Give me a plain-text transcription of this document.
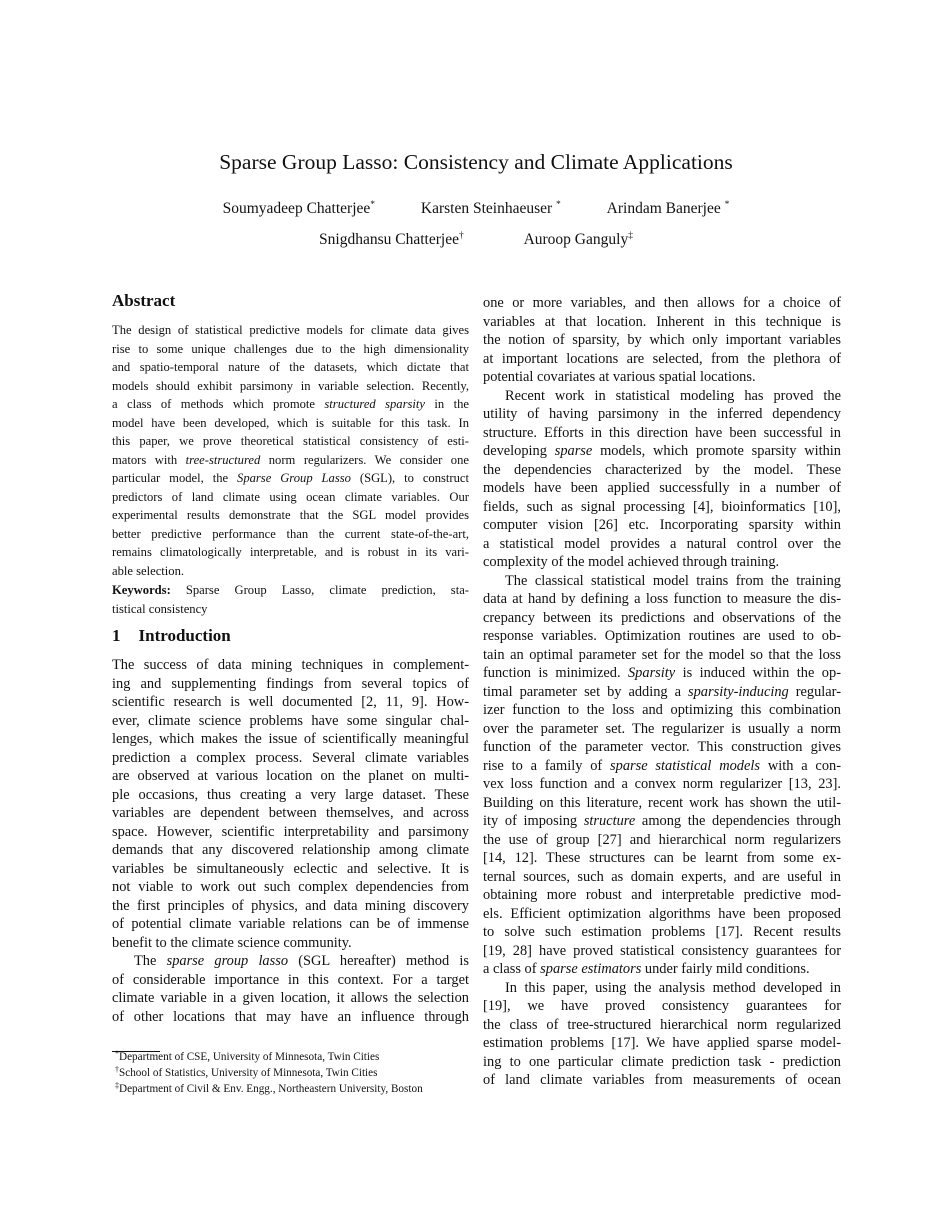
Sparse Group Lasso: Consistency and Climate Applications
Soumyadeep Chatterjee*	Karsten Steinhaeuser *	Arindam Banerjee *
Snigdhansu Chatterjee†	Auroop Ganguly‡
Abstract
The design of statistical predictive models for climate data gives
rise to some unique challenges due to the high dimensionality
and spatio-temporal nature of the datasets, which dictate that
models should exhibit parsimony in variable selection. Recently,
a class of methods which promote structured sparsity in the
model have been developed, which is suitable for this task. In
this paper, we prove theoretical statistical consistency of esti-
mators with tree-structured norm regularizers. We consider one
particular model, the Sparse Group Lasso (SGL), to construct
predictors of land climate using ocean climate variables. Our
experimental results demonstrate that the SGL model provides
better predictive performance than the current state-of-the-art,
remains climatologically interpretable, and is robust in its vari-
able selection.
Keywords: Sparse Group Lasso, climate prediction, sta-
tistical consistency
1 Introduction
The success of data mining techniques in complement-
ing and supplementing findings from several topics of
scientific research is well documented [2, 11, 9]. How-
ever, climate science problems have some singular chal-
lenges, which makes the issue of scientifically meaningful
prediction a complex process. Several climate variables
are observed at various location on the planet on multi-
ple occasions, thus creating a very large dataset. These
variables are dependent between themselves, and across
space. However, scientific interpretability and parsimony
demands that any discovered relationship among climate
variables be simultaneously eclectic and selective. It is
not viable to work out such complex dependencies from
the first principles of physics, and data mining discovery
of potential climate variable relations can be of immense
benefit to the climate science community.
The sparse group lasso (SGL hereafter) method is
of considerable importance in this context. For a target
climate variable in a given location, it allows the selection
of other locations that may have an influence through
one or more variables, and then allows for a choice of
variables at that location. Inherent in this technique is
the notion of sparsity, by which only important variables
at important locations are selected, from the plethora of
potential covariates at various spatial locations.
Recent work in statistical modeling has proved the
utility of having parsimony in the inferred dependency
structure. Efforts in this direction have been successful in
developing sparse models, which promote sparsity within
the dependencies characterized by the model. These
models have been applied successfully in a number of
fields, such as signal processing [4], bioinformatics [10],
computer vision [26] etc. Incorporating sparsity within
a statistical model provides a natural control over the
complexity of the model achieved through training.
The classical statistical model trains from the training
data at hand by defining a loss function to measure the dis-
crepancy between its predictions and observations of the
response variables. Optimization routines are used to ob-
tain an optimal parameter set for the model so that the loss
function is minimized. Sparsity is induced within the op-
timal parameter set by adding a sparsity-inducing regular-
izer function to the loss and optimizing this combination
over the parameter set. The regularizer is usually a norm
function of the parameter vector. This construction gives
rise to a family of sparse statistical models with a con-
vex loss function and a convex norm regularizer [13, 23].
Building on this literature, recent work has shown the util-
ity of imposing structure among the dependencies through
the use of group [27] and hierarchical norm regularizers
[14, 12]. These structures can be learnt from some ex-
ternal sources, such as domain experts, and are useful in
obtaining more robust and interpretable predictive mod-
els. Efficient optimization algorithms have been proposed
to solve such estimation problems [17]. Recent results
[19, 28] have proved statistical consistency guarantees for
a class of sparse estimators under fairly mild conditions.
In this paper, using the analysis method developed in
[19], we have proved consistency guarantees for
the class of tree-structured hierarchical norm regularized
estimation problems [17]. We have applied sparse model-
ing to one particular climate prediction task - prediction
of land climate variables from measurements of ocean
*Department of CSE, University of Minnesota, Twin Cities
†School of Statistics, University of Minnesota, Twin Cities
‡Department of Civil & Env. Engg., Northeastern University, Boston
